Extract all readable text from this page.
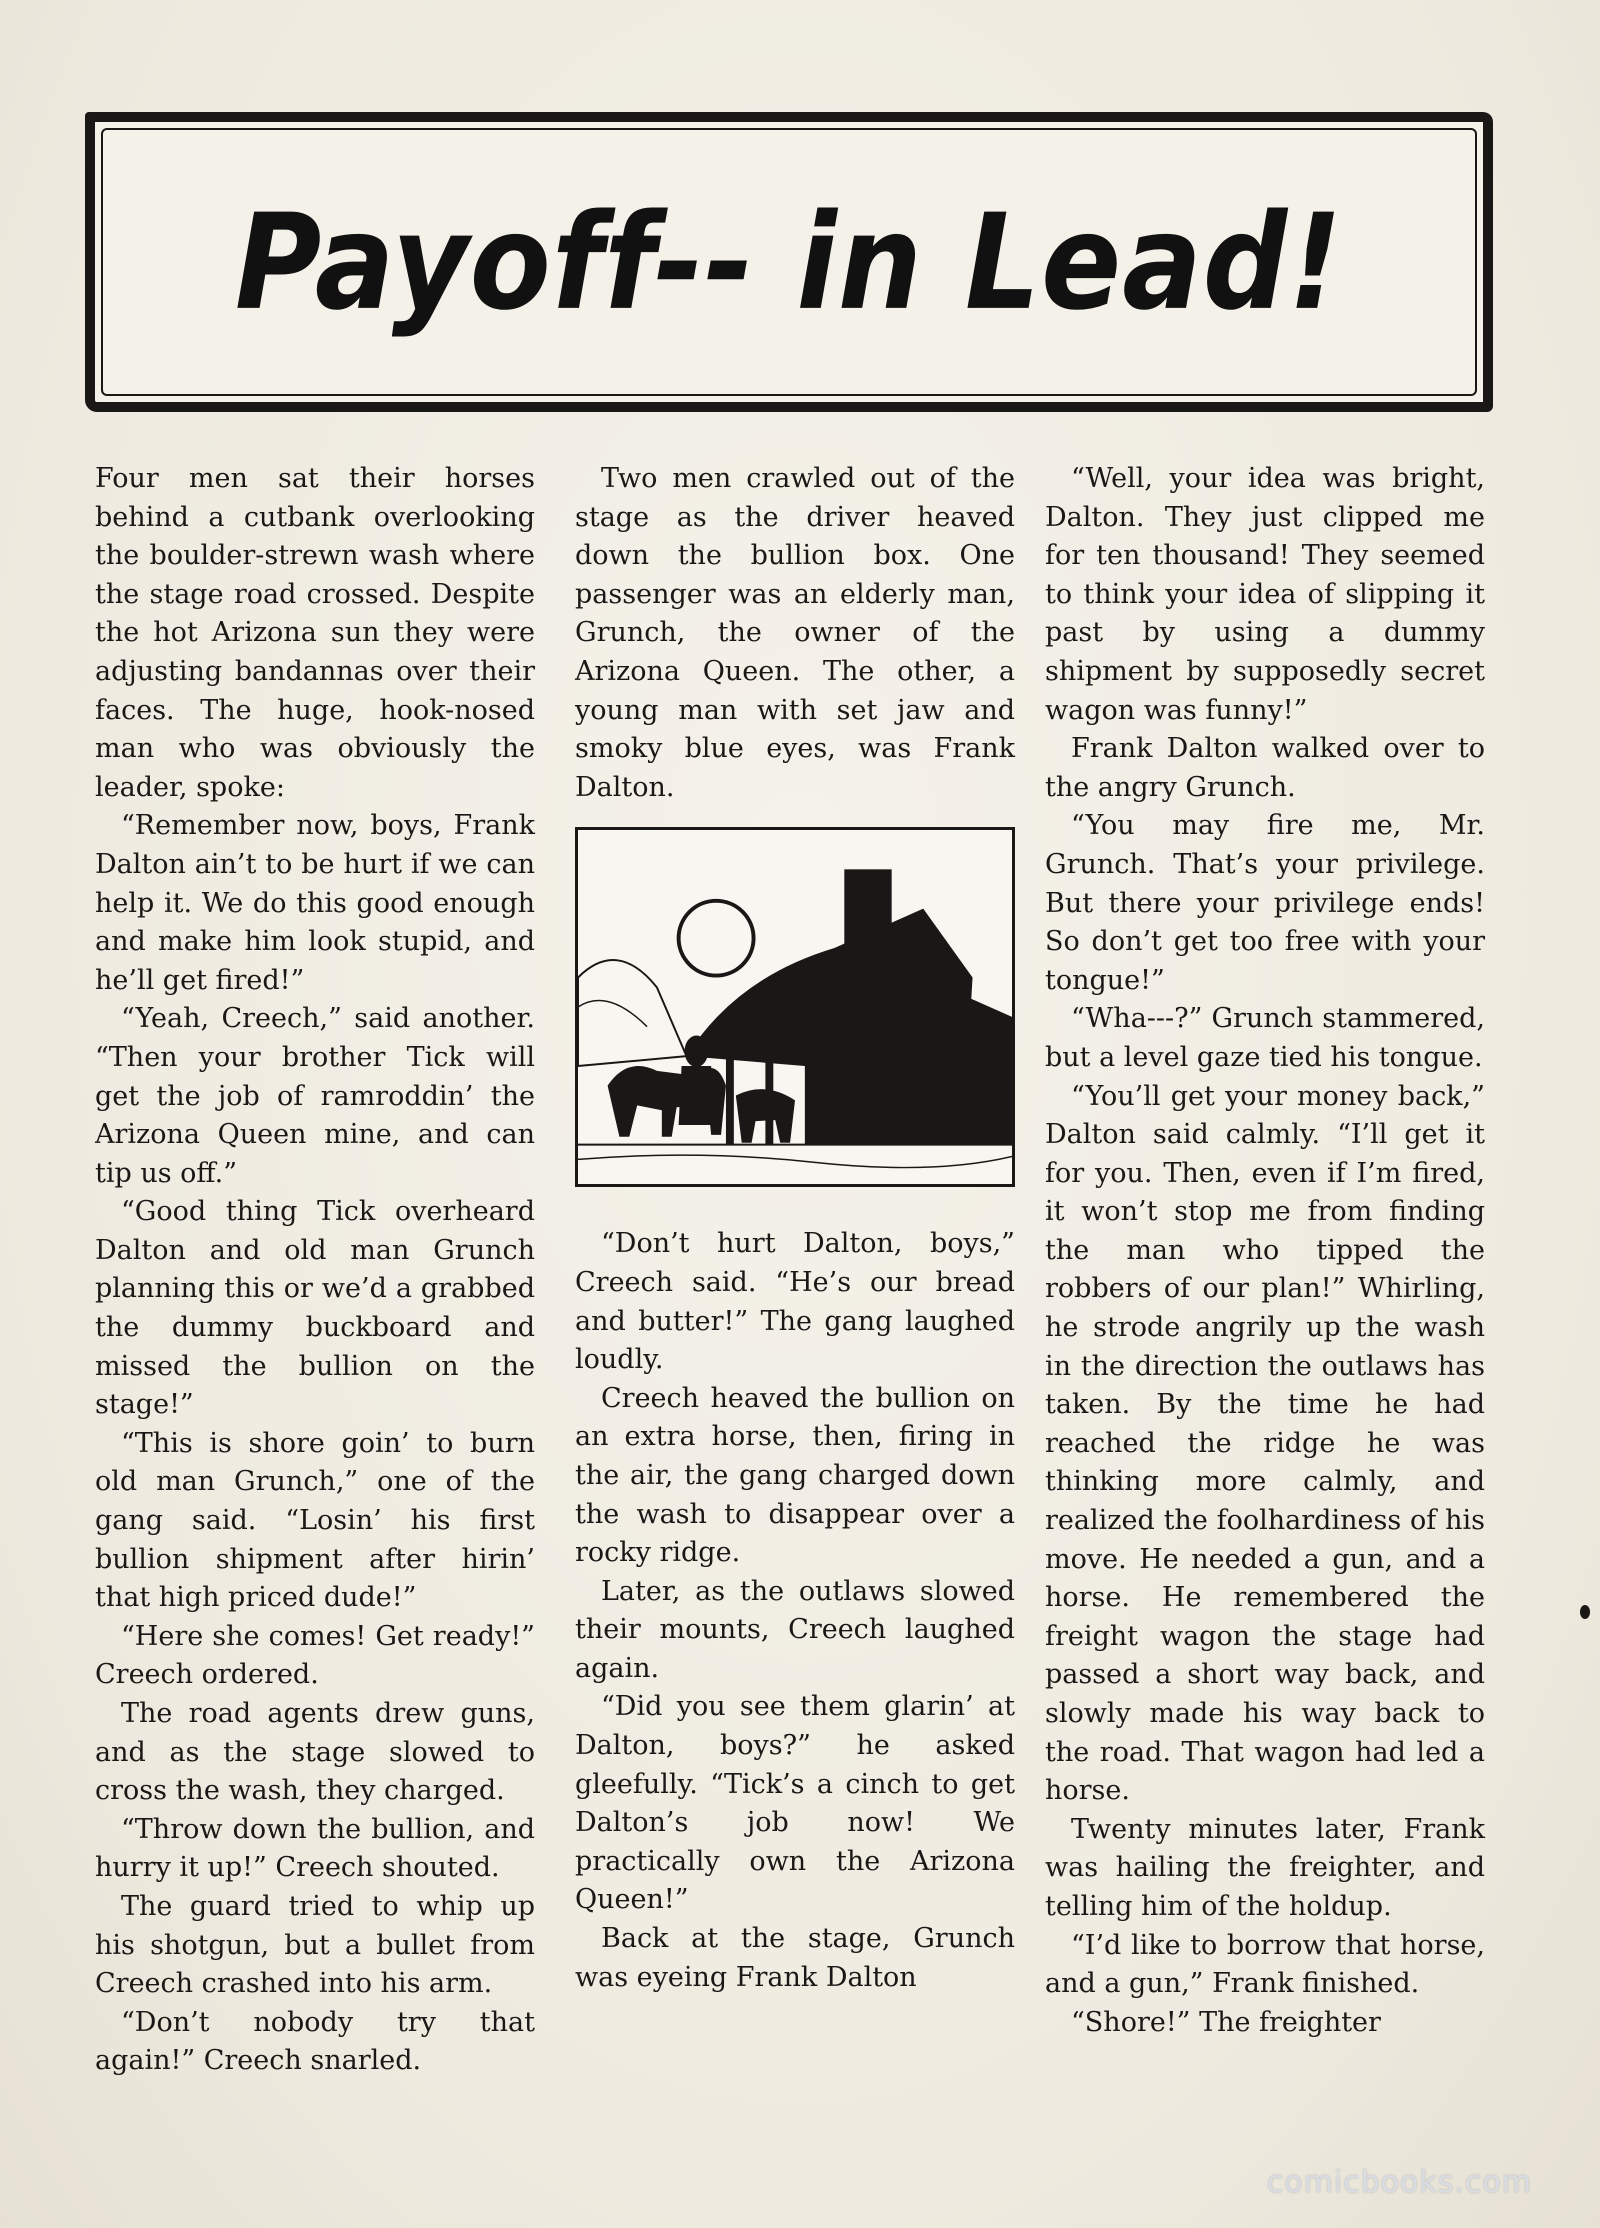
Payoff-- in Lead!

Four men sat their horses behind a cutbank overlooking the boulder-strewn wash where the stage road crossed. Despite the hot Arizona sun they were adjusting bandannas over their faces. The huge, hook-nosed man who was obviously the leader, spoke:

“Remember now, boys, Frank Dalton ain’t to be hurt if we can help it. We do this good enough and make him look stupid, and he’ll get fired!”

“Yeah, Creech,” said another. “Then your brother Tick will get the job of ramroddin’ the Arizona Queen mine, and can tip us off.”

“Good thing Tick overheard Dalton and old man Grunch planning this or we’d a grabbed the dummy buckboard and missed the bullion on the stage!”

“This is shore goin’ to burn old man Grunch,” one of the gang said. “Losin’ his first bullion shipment after hirin’ that high priced dude!”

“Here she comes! Get ready!” Creech ordered.

The road agents drew guns, and as the stage slowed to cross the wash, they charged.

“Throw down the bullion, and hurry it up!” Creech shouted.

The guard tried to whip up his shotgun, but a bullet from Creech crashed into his arm.

“Don’t nobody try that again!” Creech snarled.

Two men crawled out of the stage as the driver heaved down the bullion box. One passenger was an elderly man, Grunch, the owner of the Arizona Queen. The other, a young man with set jaw and smoky blue eyes, was Frank Dalton.

“Don’t hurt Dalton, boys,” Creech said. “He’s our bread and butter!” The gang laughed loudly.

Creech heaved the bullion on an extra horse, then, firing in the air, the gang charged down the wash to disappear over a rocky ridge.

Later, as the outlaws slowed their mounts, Creech laughed again.

“Did you see them glarin’ at Dalton, boys?” he asked gleefully. “Tick’s a cinch to get Dalton’s job now! We practically own the Arizona Queen!”

Back at the stage, Grunch was eyeing Frank Dalton

“Well, your idea was bright, Dalton. They just clipped me for ten thousand! They seemed to think your idea of slipping it past by using a dummy shipment by supposedly secret wagon was funny!”

Frank Dalton walked over to the angry Grunch.

“You may fire me, Mr. Grunch. That’s your privilege. But there your privilege ends! So don’t get too free with your tongue!”

“Wha---?” Grunch stammered, but a level gaze tied his tongue.

“You’ll get your money back,” Dalton said calmly. “I’ll get it for you. Then, even if I’m fired, it won’t stop me from finding the man who tipped the robbers of our plan!” Whirling, he strode angrily up the wash in the direction the outlaws has taken. By the time he had reached the ridge he was thinking more calmly, and realized the foolhardiness of his move. He needed a gun, and a horse. He remembered the freight wagon the stage had passed a short way back, and slowly made his way back to the road. That wagon had led a horse.

Twenty minutes later, Frank was hailing the freighter, and telling him of the holdup.

“I’d like to borrow that horse, and a gun,” Frank finished.

“Shore!” The freighter

comicbooks.com
